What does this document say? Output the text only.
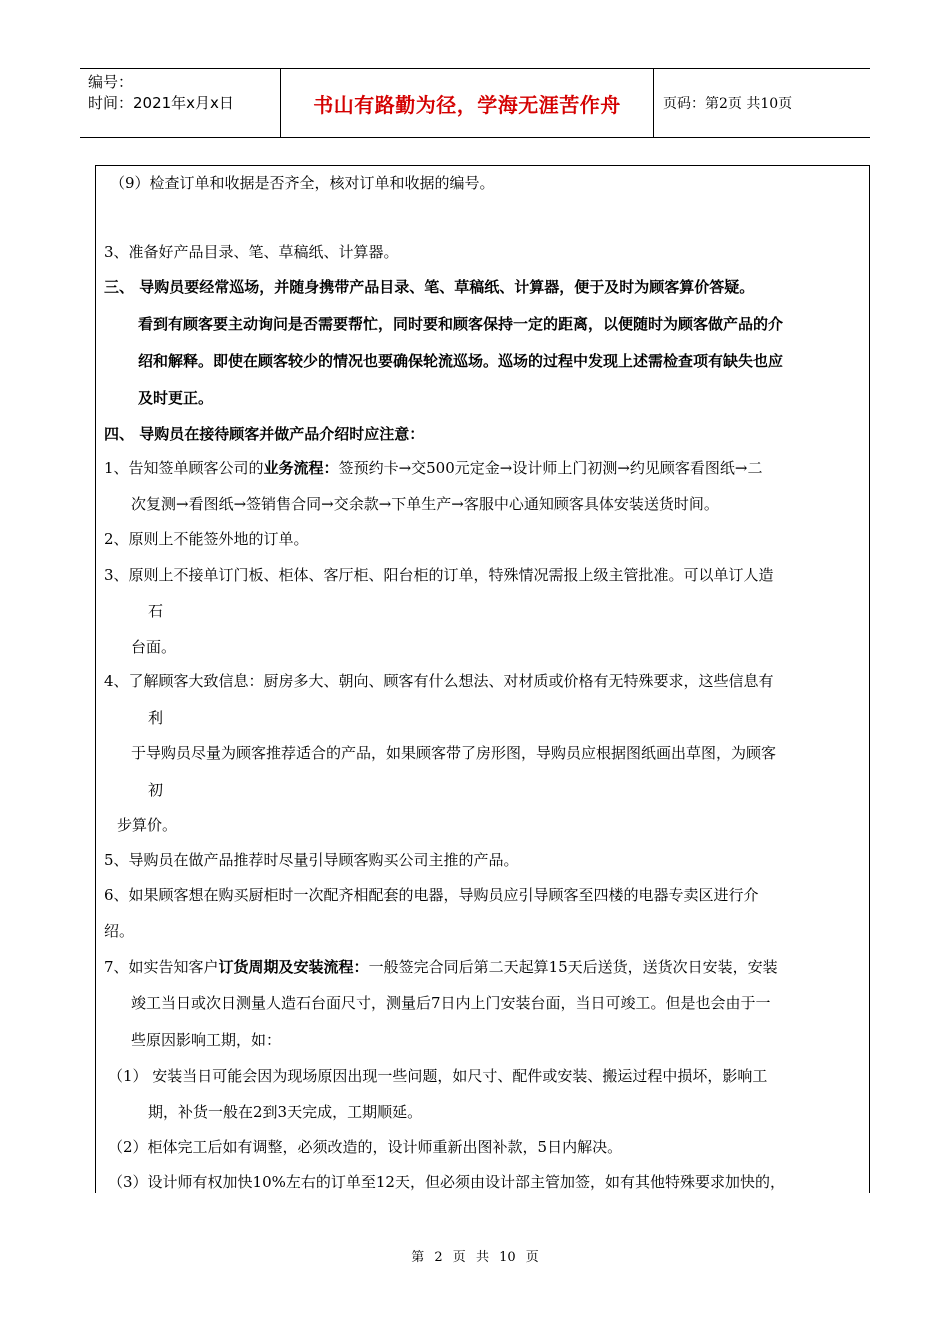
编号：
时间：2021年x月x日	书山有路勤为径，学海无涯苦作舟	页码：第2页 共10页
（9）检查订单和收据是否齐全，核对订单和收据的编号。
3、准备好产品目录、笔、草稿纸、计算器。
三、 导购员要经常巡场，并随身携带产品目录、笔、草稿纸、计算器，便于及时为顾客算价答疑。
看到有顾客要主动询问是否需要帮忙，同时要和顾客保持一定的距离，以便随时为顾客做产品的介
绍和解释。即使在顾客较少的情况也要确保轮流巡场。巡场的过程中发现上述需检查项有缺失也应
及时更正。
四、 导购员在接待顾客并做产品介绍时应注意：
1、告知签单顾客公司的业务流程：签预约卡→交500元定金→设计师上门初测→约见顾客看图纸→二
次复测→看图纸→签销售合同→交余款→下单生产→客服中心通知顾客具体安装送货时间。
2、原则上不能签外地的订单。
3、原则上不接单订门板、柜体、客厅柜、阳台柜的订单，特殊情况需报上级主管批准。可以单订人造
石
台面。
4、了解顾客大致信息：厨房多大、朝向、顾客有什么想法、对材质或价格有无特殊要求，这些信息有
利
于导购员尽量为顾客推荐适合的产品，如果顾客带了房形图，导购员应根据图纸画出草图，为顾客
初
步算价。
5、导购员在做产品推荐时尽量引导顾客购买公司主推的产品。
6、如果顾客想在购买厨柜时一次配齐相配套的电器，导购员应引导顾客至四楼的电器专卖区进行介
绍。
7、如实告知客户订货周期及安装流程：一般签完合同后第二天起算15天后送货，送货次日安装，安装
竣工当日或次日测量人造石台面尺寸，测量后7日内上门安装台面，当日可竣工。但是也会由于一
些原因影响工期，如：
（1） 安装当日可能会因为现场原因出现一些问题，如尺寸、配件或安装、搬运过程中损坏，影响工
期，补货一般在2到3天完成，工期顺延。
（2）柜体完工后如有调整，必须改造的，设计师重新出图补款，5日内解决。
（3）设计师有权加快10%左右的订单至12天，但必须由设计部主管加签，如有其他特殊要求加快的，
第 2 页 共 10 页
